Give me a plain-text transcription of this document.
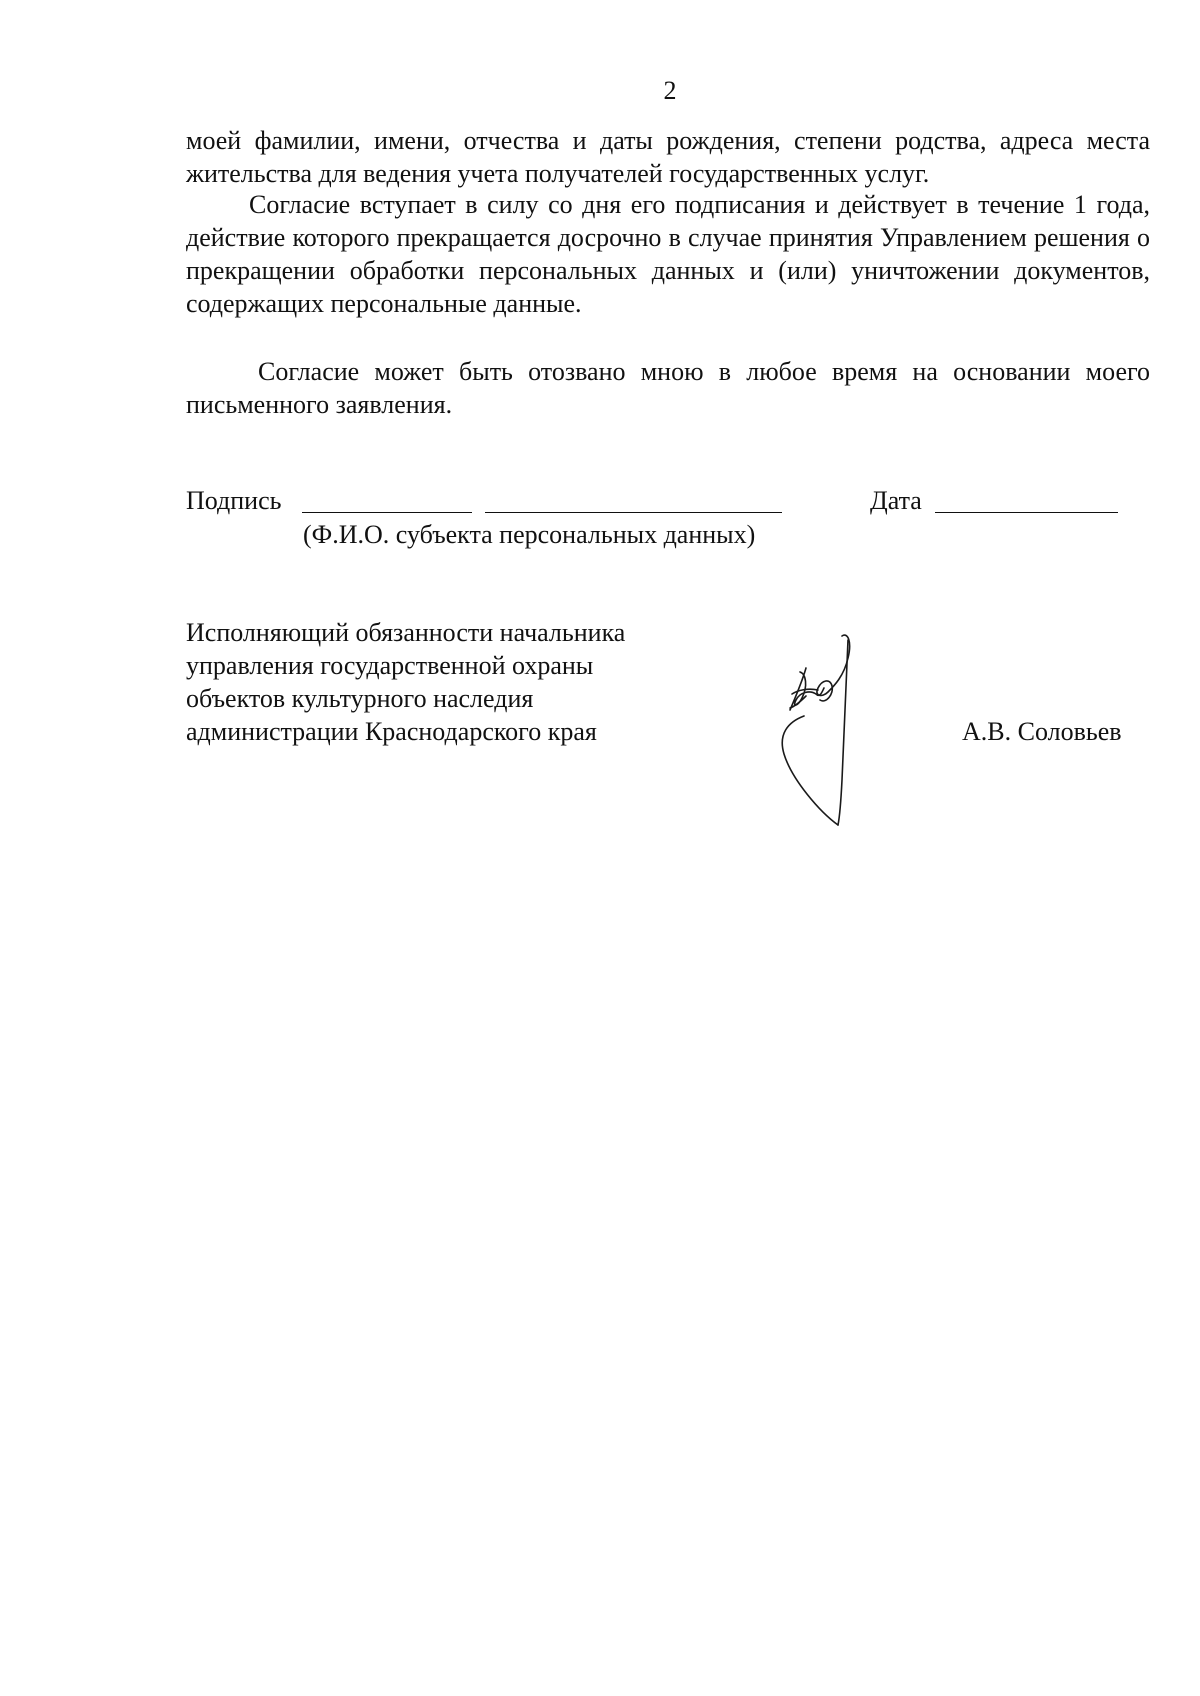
2

моей фамилии, имени, отчества и даты рождения, степени родства, адреса места жительства для ведения учета получателей государственных услуг.

Согласие вступает в силу со дня его подписания и действует в течение 1 года, действие которого прекращается досрочно в случае принятия Управлением решения о прекращении обработки персональных данных и (или) уничтожении документов, содержащих персональные данные.

Согласие может быть отозвано мною в любое время на основании моего письменного заявления.

Подпись	Дата
(Ф.И.О. субъекта персональных данных)
Исполняющий обязанности начальника
управления государственной охраны
объектов культурного наследия
администрации Краснодарского края	А.В. Соловьев
